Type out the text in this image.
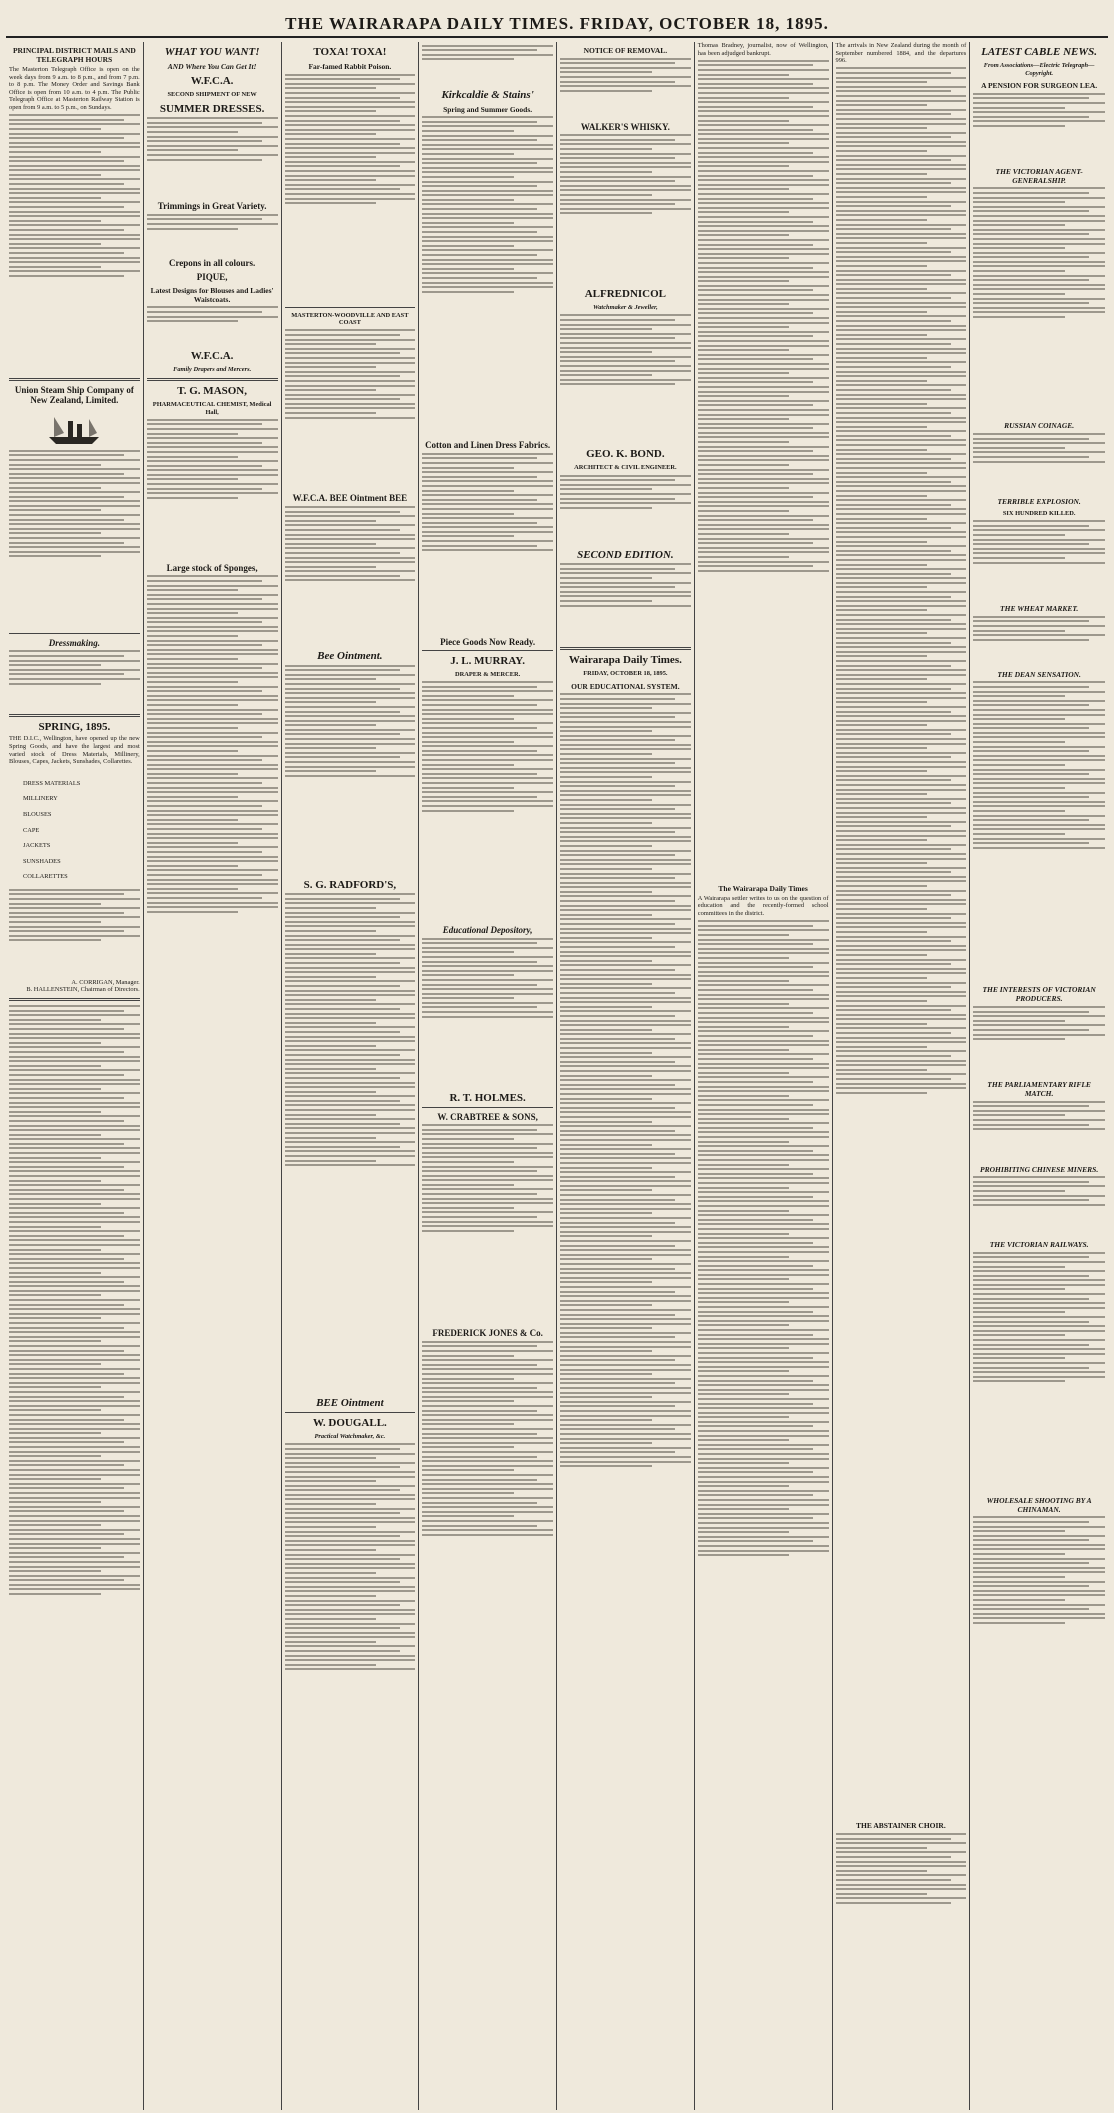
THE WAIRARAPA DAILY TIMES. FRIDAY, OCTOBER 18, 1895.
PRINCIPAL DISTRICT MAILS AND TELEGRAPH HOURS
The Masterton Telegraph Office is open on the week days from 9 a.m. to 8 p.m., and from 7 p.m. to 8 p.m. The Money Order and Savings Bank Office is open from 10 a.m. to 4 p.m. The Public Telegraph Office at Masterton Railway Station is open from 9 a.m. to 5 p.m., on Sundays.
Union Steam Ship Company of New Zealand, Limited.
Dressmaking.
SPRING, 1895.
THE D.I.C., Wellington, have opened up the new Spring Goods, and have the largest and most varied stock of Dress Materials, Millinery, Blouses, Capes, Jackets, Sunshades, Collarettes.
DRESS MATERIALS
MILLINERY
BLOUSES
CAPE
JACKETS
SUNSHADES
COLLARETTES
A. CORRIGAN, Manager.
B. HALLENSTEIN, Chairman of Directors.
WHAT YOU WANT!
AND Where You Can Get It!
W.F.C.A.
SECOND SHIPMENT OF NEW
SUMMER DRESSES.
Trimmings in Great Variety.
Crepons in all colours.
PIQUE,
Latest Designs for Blouses and Ladies' Waistcoats.
W.F.C.A.
Family Drapers and Mercers.
T. G. MASON,
PHARMACEUTICAL CHEMIST, Medical Hall,
Large stock of Sponges,
TOXA! TOXA!
Far-famed Rabbit Poison.
MASTERTON-WOODVILLE AND EAST COAST
W.F.C.A. BEE Ointment BEE
Bee Ointment.
S. G. RADFORD'S,
BEE Ointment
W. DOUGALL.
Practical Watchmaker, &c.
Kirkcaldie & Stains'
Spring and Summer Goods.
Cotton and Linen Dress Fabrics.
Piece Goods Now Ready.
J. L. MURRAY.
DRAPER & MERCER.
Educational Depository,
R. T. HOLMES.
W. CRABTREE & SONS,
FREDERICK JONES & Co.
NOTICE OF REMOVAL.
WALKER'S WHISKY.
ALFREDNICOL
Watchmaker & Jeweller,
GEO. K. BOND.
ARCHITECT & CIVIL ENGINEER.
SECOND EDITION.
Wairarapa Daily Times.
FRIDAY, OCTOBER 18, 1895.
OUR EDUCATIONAL SYSTEM.
Thomas Bradney, journalist, now of Wellington, has been adjudged bankrupt.
The Wairarapa Daily Times
A Wairarapa settler writes to us on the question of education and the recently-formed school committees in the district.
The arrivals in New Zealand during the month of September numbered 1884, and the departures 996.
THE ABSTAINER CHOIR.
LATEST CABLE NEWS.
From Associations—Electric Telegraph—Copyright.
A PENSION FOR SURGEON LEA.
THE VICTORIAN AGENT-GENERALSHIP.
RUSSIAN COINAGE.
TERRIBLE EXPLOSION.
SIX HUNDRED KILLED.
THE WHEAT MARKET.
THE DEAN SENSATION.
THE INTERESTS OF VICTORIAN PRODUCERS.
THE PARLIAMENTARY RIFLE MATCH.
PROHIBITING CHINESE MINERS.
THE VICTORIAN RAILWAYS.
WHOLESALE SHOOTING BY A CHINAMAN.
